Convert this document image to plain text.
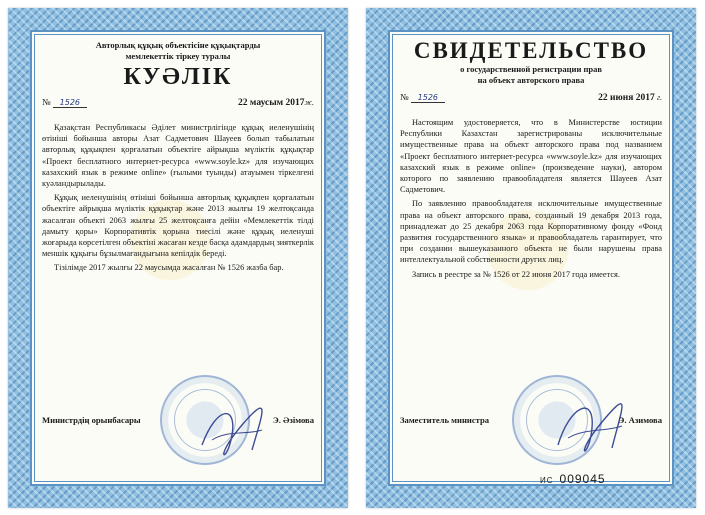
Авторлық құқық объектісіне құқықтарды
мемлекеттік тіркеу туралы
КУӘЛІК
№ 1526	22 маусым 2017ж.

Қазақстан Республикасы Әділет министрлігінде құқық иеленушінің өтініші бойынша авторы Азат Садметович Шауеев болып табылатын авторлық құқықпен қорғалатын объектіге айрықша мүліктік құқықтар «Проект бесплатного интернет-ресурса «www.soyle.kz» для изучающих казахский язык в режиме online» (ғылыми туынды) атауымен тіркелгені куәландырылады.

Құқық иеленушінің өтініші бойынша авторлық құқықпен қорғалатын объектіге айрықша мүліктік құқықтар және 2013 жылғы 19 желтоқсанда жасалған объекті 2063 жылғы 25 желтоқсанға дейін «Мемлекеттік тілді дамыту қоры» Корпоративтік қорына тиесілі және құқық иеленуші жоғарыда көрсетілген объектіні жасаған кезде басқа адамдардың зияткерлік меншік құқығы бұзылмағандығына кепілдік береді.

Тізілімде 2017 жылғы 22 маусымда жасалған № 1526 жазба бар.

Министрдің орынбасары	Э. Әзімова
СВИДЕТЕЛЬСТВО
о государственной регистрации прав
на объект авторского права
№ 1526	22 июня 2017 г.

Настоящим удостоверяется, что в Министерстве юстиции Республики Казахстан зарегистрированы исключительные имущественные права на объект авторского права под названием «Проект бесплатного интернет-ресурса «www.soyle.kz» для изучающих казахский язык в режиме online» (произведение науки), автором которого по заявлению правообладателя является Шауеев Азат Садметович.

По заявлению правообладателя исключительные имущественные права на объект авторского права, созданный 19 декабря 2013 года, принадлежат до 25 декабря 2063 года Корпоративному фонду «Фонд развития государственного языка» и правообладатель гарантирует, что при создании вышеуказанного объекта не были нарушены права интеллектуальной собственности других лиц.

Запись в реестре за № 1526 от 22 июня 2017 года имеется.

Заместитель министра	Э. Азимова
ИС 009045
